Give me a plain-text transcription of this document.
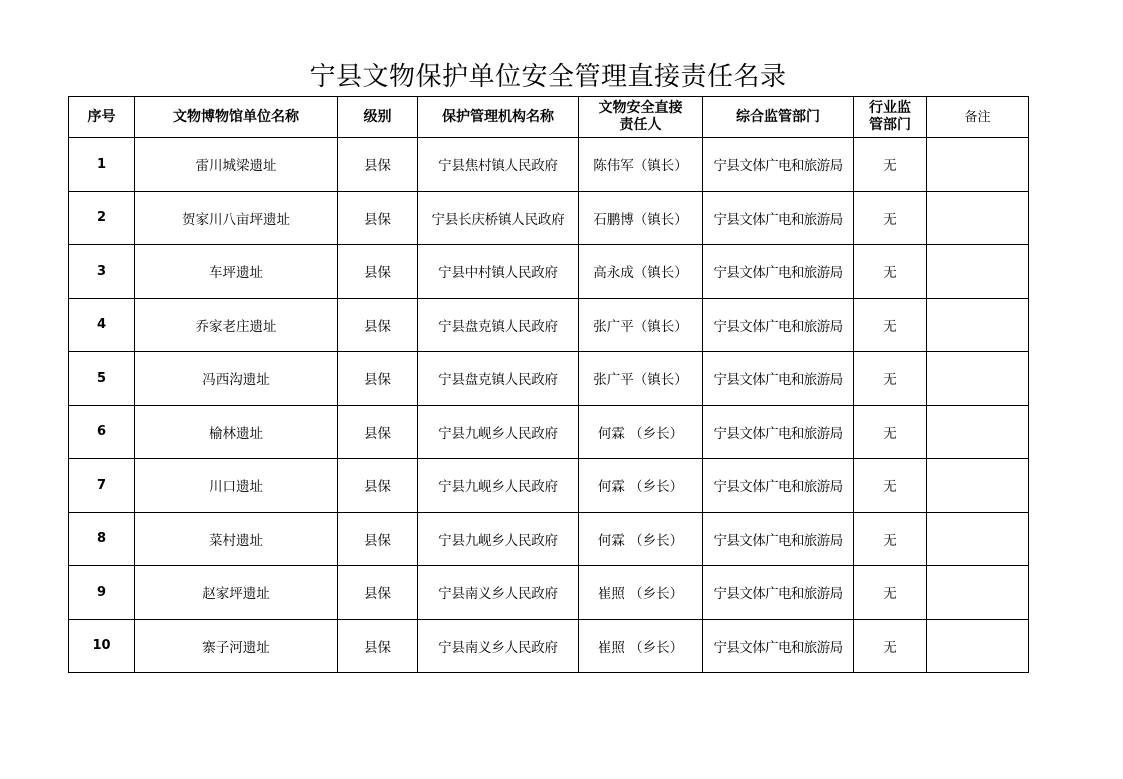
宁县文物保护单位安全管理直接责任名录
序号	文物博物馆单位名称	级别	保护管理机构名称	文物安全直接责任人	综合监管部门	行业监管部门	备注
1	雷川城梁遗址	县保	宁县焦村镇人民政府	陈伟军（镇长）	宁县文体广电和旅游局	无	
2	贺家川八亩坪遗址	县保	宁县长庆桥镇人民政府	石鹏博（镇长）	宁县文体广电和旅游局	无	
3	车坪遗址	县保	宁县中村镇人民政府	高永成（镇长）	宁县文体广电和旅游局	无	
4	乔家老庄遗址	县保	宁县盘克镇人民政府	张广平（镇长）	宁县文体广电和旅游局	无	
5	冯西沟遗址	县保	宁县盘克镇人民政府	张广平（镇长）	宁县文体广电和旅游局	无	
6	榆林遗址	县保	宁县九岘乡人民政府	何霖 （乡长）	宁县文体广电和旅游局	无	
7	川口遗址	县保	宁县九岘乡人民政府	何霖 （乡长）	宁县文体广电和旅游局	无	
8	菜村遗址	县保	宁县九岘乡人民政府	何霖 （乡长）	宁县文体广电和旅游局	无	
9	赵家坪遗址	县保	宁县南义乡人民政府	崔照 （乡长）	宁县文体广电和旅游局	无	
10	寨子河遗址	县保	宁县南义乡人民政府	崔照 （乡长）	宁县文体广电和旅游局	无	
